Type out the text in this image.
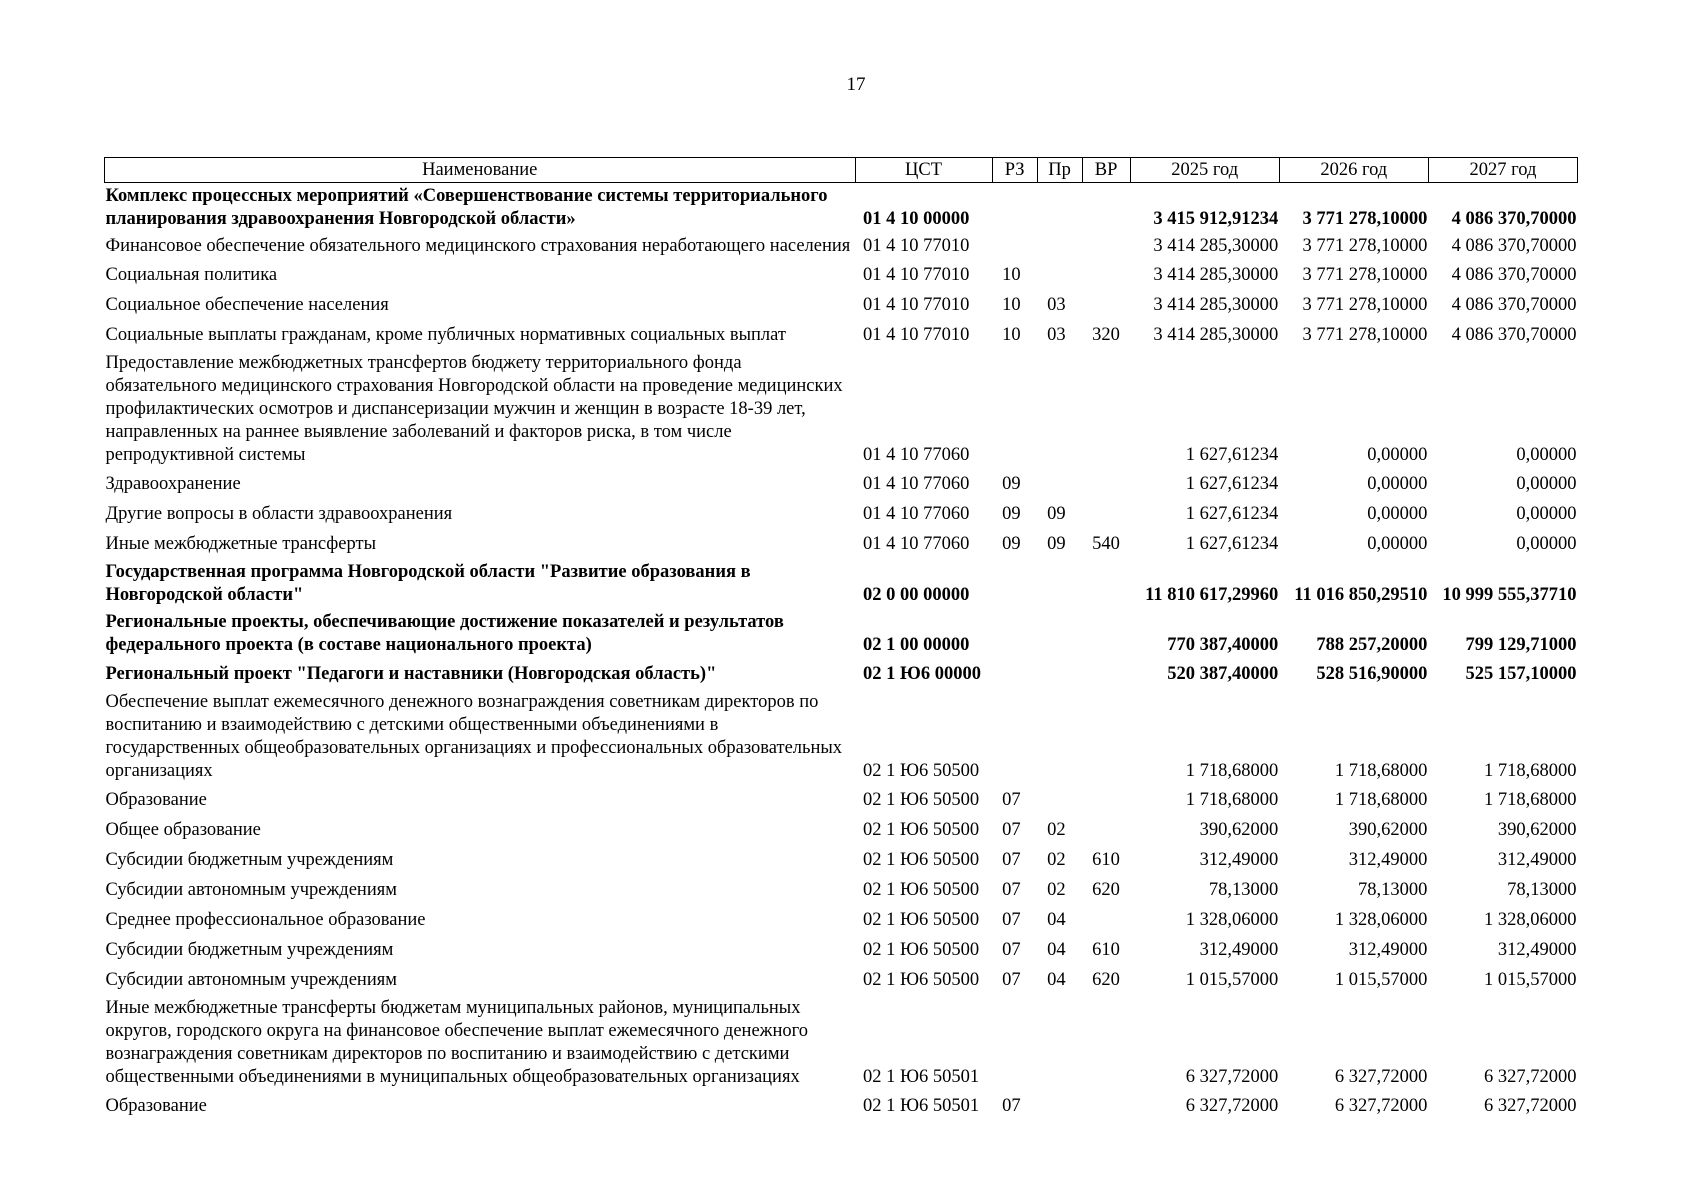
17
Наименование	ЦСТ	РЗ	Пр	ВР	2025 год	2026 год	2027 год
Комплекс процессных мероприятий «Совершенствование системы территориального планирования здравоохранения Новгородской области»	01 4 10 00000				3 415 912,91234	3 771 278,10000	4 086 370,70000
Финансовое обеспечение обязательного медицинского страхования неработающего населения	01 4 10 77010				3 414 285,30000	3 771 278,10000	4 086 370,70000
Социальная политика	01 4 10 77010	10			3 414 285,30000	3 771 278,10000	4 086 370,70000
Социальное обеспечение населения	01 4 10 77010	10	03		3 414 285,30000	3 771 278,10000	4 086 370,70000
Социальные выплаты гражданам, кроме публичных нормативных социальных выплат	01 4 10 77010	10	03	320	3 414 285,30000	3 771 278,10000	4 086 370,70000
Предоставление межбюджетных трансфертов бюджету территориального фонда обязательного медицинского страхования Новгородской области на проведение медицинских профилактических осмотров и диспансеризации мужчин и женщин в возрасте 18-39 лет, направленных на раннее выявление заболеваний и факторов риска, в том числе репродуктивной системы	01 4 10 77060				1 627,61234	0,00000	0,00000
Здравоохранение	01 4 10 77060	09			1 627,61234	0,00000	0,00000
Другие вопросы в области здравоохранения	01 4 10 77060	09	09		1 627,61234	0,00000	0,00000
Иные межбюджетные трансферты	01 4 10 77060	09	09	540	1 627,61234	0,00000	0,00000
Государственная программа Новгородской области "Развитие образования в Новгородской области"	02 0 00 00000				11 810 617,29960	11 016 850,29510	10 999 555,37710
Региональные проекты, обеспечивающие достижение показателей и результатов федерального проекта (в составе национального проекта)	02 1 00 00000				770 387,40000	788 257,20000	799 129,71000
Региональный проект "Педагоги и наставники (Новгородская область)"	02 1 Ю6 00000				520 387,40000	528 516,90000	525 157,10000
Обеспечение выплат ежемесячного денежного вознаграждения советникам директоров по воспитанию и взаимодействию с детскими общественными объединениями в государственных общеобразовательных организациях и профессиональных образовательных организациях	02 1 Ю6 50500				1 718,68000	1 718,68000	1 718,68000
Образование	02 1 Ю6 50500	07			1 718,68000	1 718,68000	1 718,68000
Общее образование	02 1 Ю6 50500	07	02		390,62000	390,62000	390,62000
Субсидии бюджетным учреждениям	02 1 Ю6 50500	07	02	610	312,49000	312,49000	312,49000
Субсидии автономным учреждениям	02 1 Ю6 50500	07	02	620	78,13000	78,13000	78,13000
Среднее профессиональное образование	02 1 Ю6 50500	07	04		1 328,06000	1 328,06000	1 328,06000
Субсидии бюджетным учреждениям	02 1 Ю6 50500	07	04	610	312,49000	312,49000	312,49000
Субсидии автономным учреждениям	02 1 Ю6 50500	07	04	620	1 015,57000	1 015,57000	1 015,57000
Иные межбюджетные трансферты бюджетам муниципальных районов, муниципальных округов, городского округа на финансовое обеспечение выплат ежемесячного денежного вознаграждения советникам директоров по воспитанию и взаимодействию с детскими общественными объединениями в муниципальных общеобразовательных организациях	02 1 Ю6 50501				6 327,72000	6 327,72000	6 327,72000
Образование	02 1 Ю6 50501	07			6 327,72000	6 327,72000	6 327,72000
